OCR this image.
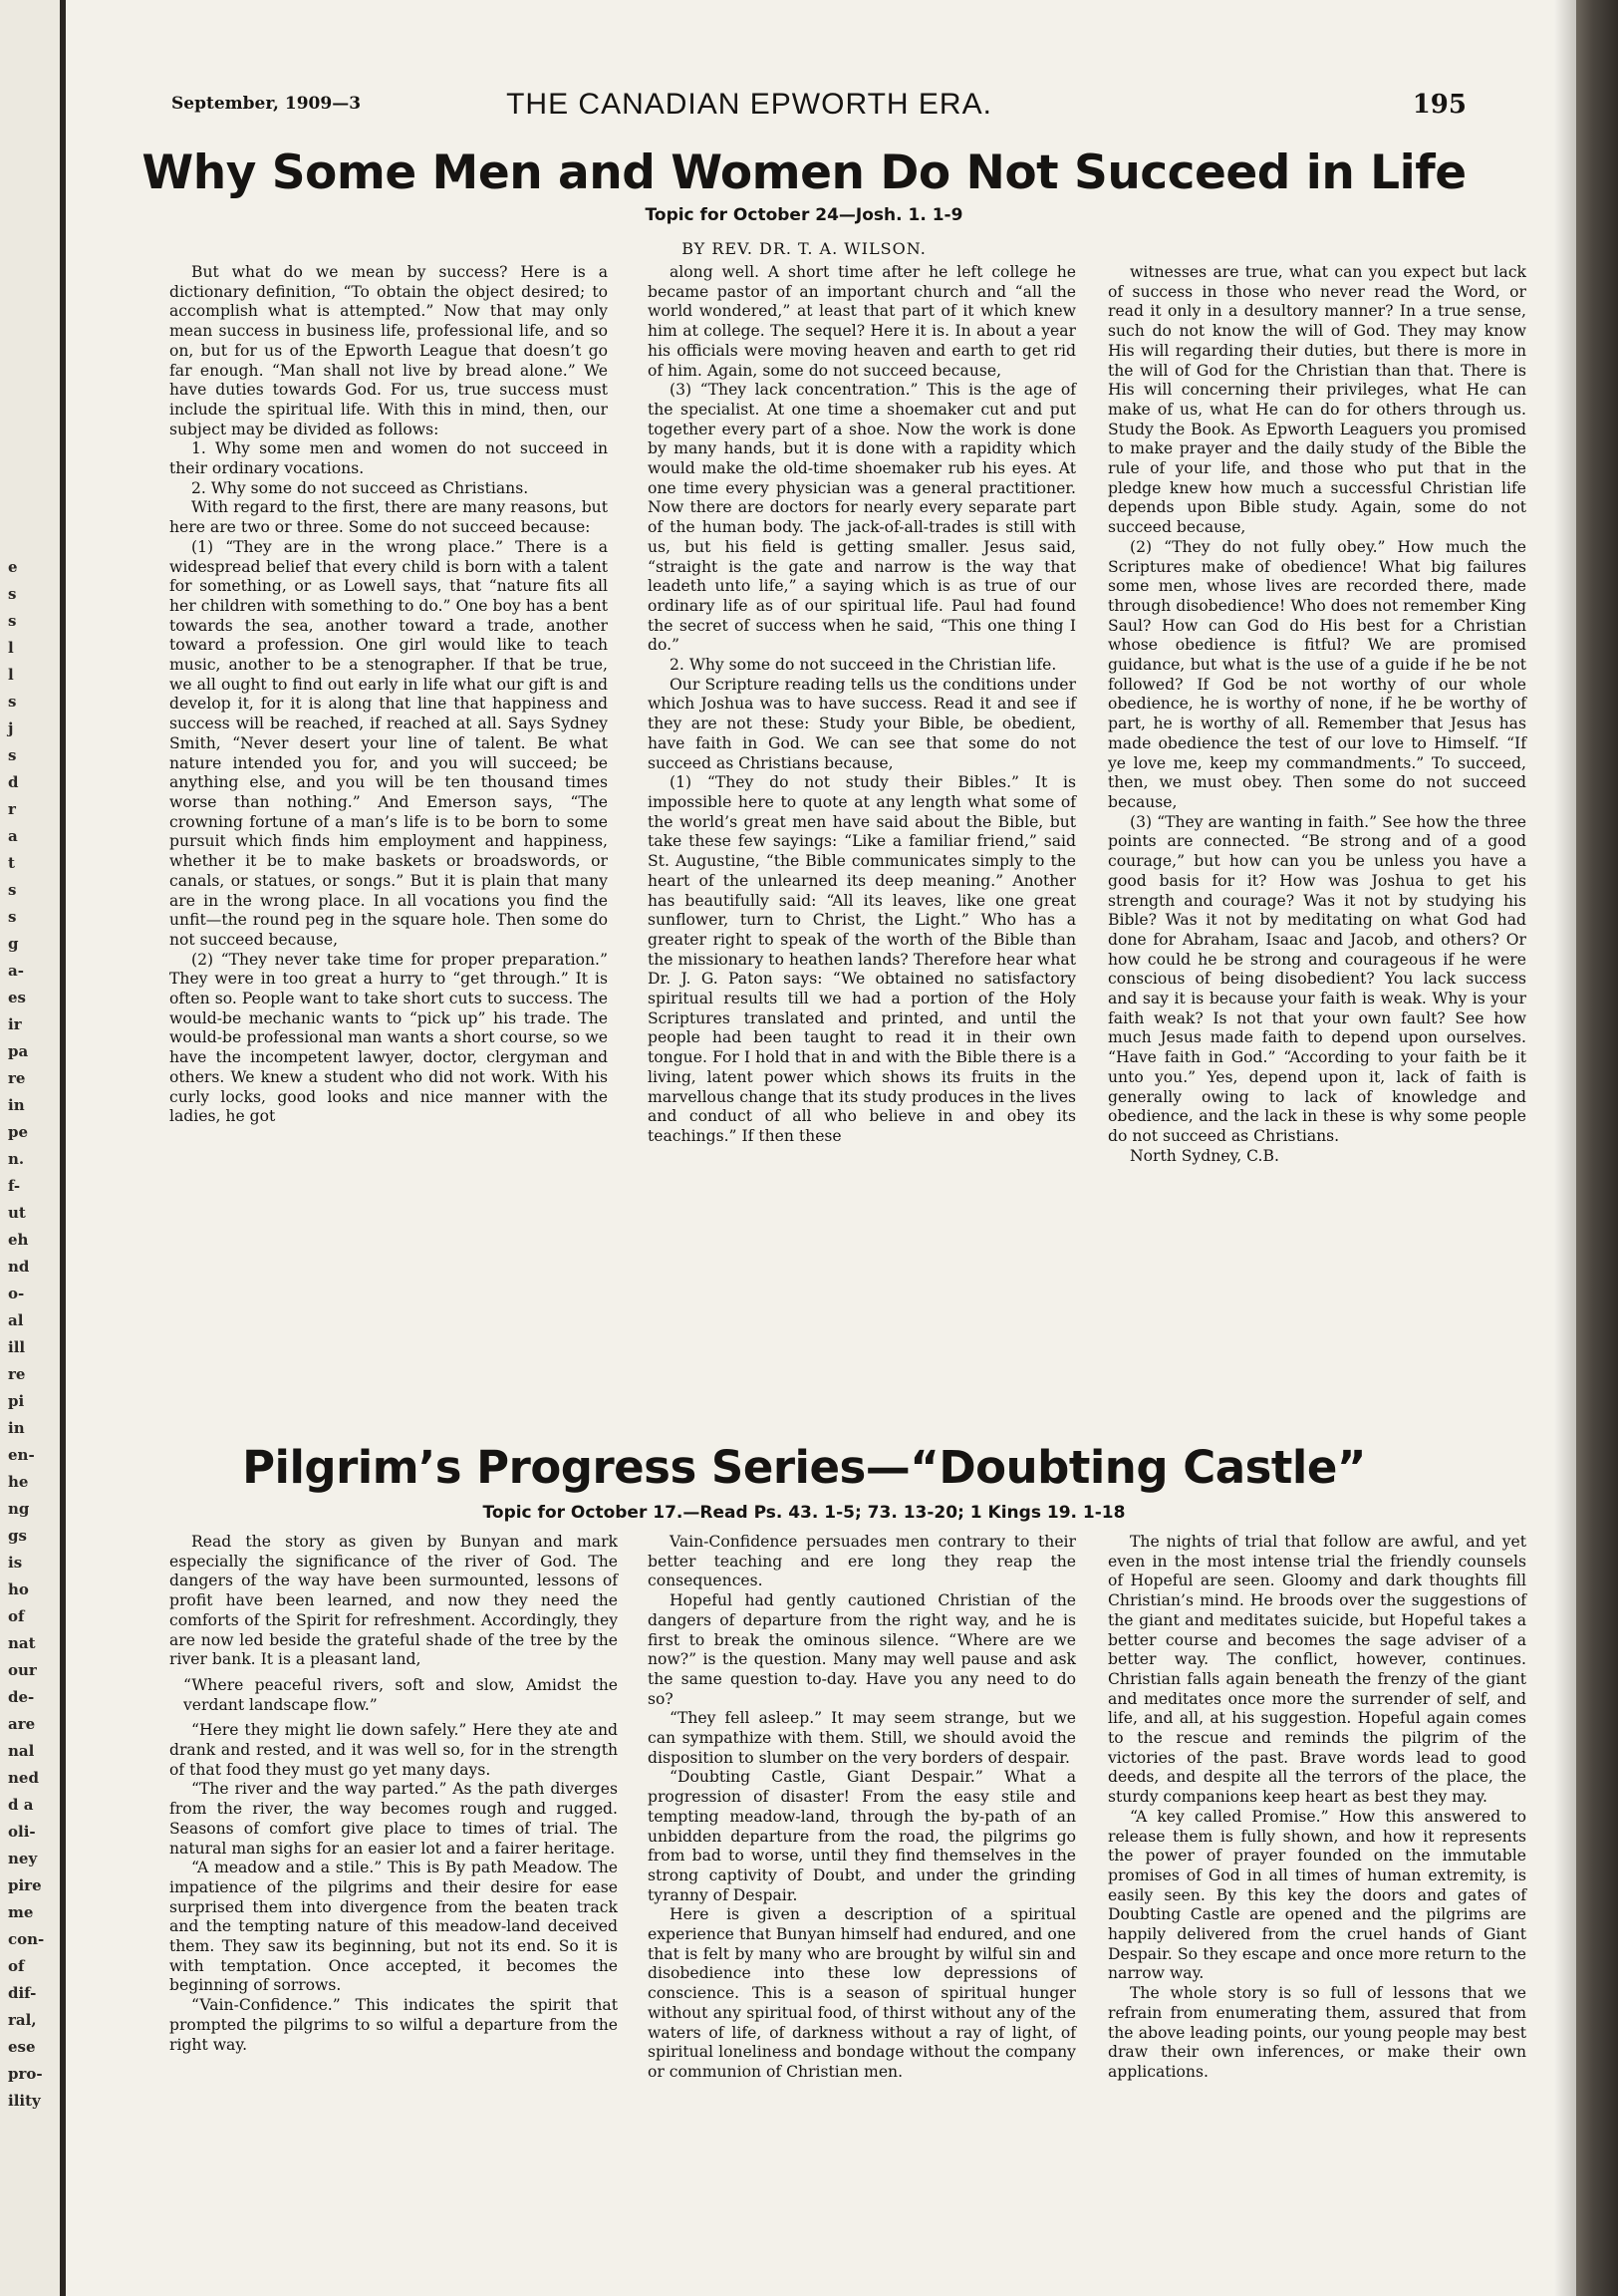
e
s
s
l
l
s
j
s
d
r
a
t
s
s
g
a-
es
ir
pa
re
in
pe
n.
f-
ut
eh
nd
o-
al
ill
re
pi
in
en-
he
ng
gs
is
ho
of
nat
our
de-
are
nal
ned
d a
oli-
ney
pire
me
con-
of
dif-
ral,
ese
pro-
ility
September, 1909—3	THE CANADIAN EPWORTH ERA.	195
Why Some Men and Women Do Not Succeed in Life
Topic for October 24—Josh. 1. 1-9
BY REV. DR. T. A. WILSON.

But what do we mean by success? Here is a dictionary definition, “To obtain the object desired; to accomplish what is attempted.” Now that may only mean success in business life, professional life, and so on, but for us of the Epworth League that doesn’t go far enough. “Man shall not live by bread alone.” We have duties towards God. For us, true success must include the spiritual life. With this in mind, then, our subject may be divided as follows:

1. Why some men and women do not succeed in their ordinary vocations.

2. Why some do not succeed as Christians.

With regard to the first, there are many reasons, but here are two or three. Some do not succeed because:

(1) “They are in the wrong place.” There is a widespread belief that every child is born with a talent for something, or as Lowell says, that “nature fits all her children with something to do.” One boy has a bent towards the sea, another toward a trade, another toward a profession. One girl would like to teach music, another to be a stenographer. If that be true, we all ought to find out early in life what our gift is and develop it, for it is along that line that happiness and success will be reached, if reached at all. Says Sydney Smith, “Never desert your line of talent. Be what nature intended you for, and you will succeed; be anything else, and you will be ten thousand times worse than nothing.” And Emerson says, “The crowning fortune of a man’s life is to be born to some pursuit which finds him employment and happiness, whether it be to make baskets or broadswords, or canals, or statues, or songs.” But it is plain that many are in the wrong place. In all vocations you find the unfit—the round peg in the square hole. Then some do not succeed because,

(2) “They never take time for proper preparation.” They were in too great a hurry to “get through.” It is often so. People want to take short cuts to success. The would-be mechanic wants to “pick up” his trade. The would-be professional man wants a short course, so we have the incompetent lawyer, doctor, clergyman and others. We knew a student who did not work. With his curly locks, good looks and nice manner with the ladies, he got

along well. A short time after he left college he became pastor of an important church and “all the world wondered,” at least that part of it which knew him at college. The sequel? Here it is. In about a year his officials were moving heaven and earth to get rid of him. Again, some do not succeed because,

(3) “They lack concentration.” This is the age of the specialist. At one time a shoemaker cut and put together every part of a shoe. Now the work is done by many hands, but it is done with a rapidity which would make the old-time shoemaker rub his eyes. At one time every physician was a general practitioner. Now there are doctors for nearly every separate part of the human body. The jack-of-all-trades is still with us, but his field is getting smaller. Jesus said, “straight is the gate and narrow is the way that leadeth unto life,” a saying which is as true of our ordinary life as of our spiritual life. Paul had found the secret of success when he said, “This one thing I do.”

2. Why some do not succeed in the Christian life.

Our Scripture reading tells us the conditions under which Joshua was to have success. Read it and see if they are not these: Study your Bible, be obedient, have faith in God. We can see that some do not succeed as Christians because,

(1) “They do not study their Bibles.” It is impossible here to quote at any length what some of the world’s great men have said about the Bible, but take these few sayings: “Like a familiar friend,” said St. Augustine, “the Bible communicates simply to the heart of the unlearned its deep meaning.” Another has beautifully said: “All its leaves, like one great sunflower, turn to Christ, the Light.” Who has a greater right to speak of the worth of the Bible than the missionary to heathen lands? Therefore hear what Dr. J. G. Paton says: “We obtained no satisfactory spiritual results till we had a portion of the Holy Scriptures translated and printed, and until the people had been taught to read it in their own tongue. For I hold that in and with the Bible there is a living, latent power which shows its fruits in the marvellous change that its study produces in the lives and conduct of all who believe in and obey its teachings.” If then these

witnesses are true, what can you expect but lack of success in those who never read the Word, or read it only in a desultory manner? In a true sense, such do not know the will of God. They may know His will regarding their duties, but there is more in the will of God for the Christian than that. There is His will concerning their privileges, what He can make of us, what He can do for others through us. Study the Book. As Epworth Leaguers you promised to make prayer and the daily study of the Bible the rule of your life, and those who put that in the pledge knew how much a successful Christian life depends upon Bible study. Again, some do not succeed because,

(2) “They do not fully obey.” How much the Scriptures make of obedience! What big failures some men, whose lives are recorded there, made through disobedience! Who does not remember King Saul? How can God do His best for a Christian whose obedience is fitful? We are promised guidance, but what is the use of a guide if he be not followed? If God be not worthy of our whole obedience, he is worthy of none, if he be worthy of part, he is worthy of all. Remember that Jesus has made obedience the test of our love to Himself. “If ye love me, keep my commandments.” To succeed, then, we must obey. Then some do not succeed because,

(3) “They are wanting in faith.” See how the three points are connected. “Be strong and of a good courage,” but how can you be unless you have a good basis for it? How was Joshua to get his strength and courage? Was it not by studying his Bible? Was it not by meditating on what God had done for Abraham, Isaac and Jacob, and others? Or how could he be strong and courageous if he were conscious of being disobedient? You lack success and say it is because your faith is weak. Why is your faith weak? Is not that your own fault? See how much Jesus made faith to depend upon ourselves. “Have faith in God.” “According to your faith be it unto you.” Yes, depend upon it, lack of faith is generally owing to lack of knowledge and obedience, and the lack in these is why some people do not succeed as Christians.

North Sydney, C.B.

Pilgrim’s Progress Series—“Doubting Castle”
Topic for October 17.—Read Ps. 43. 1-5; 73. 13-20; 1 Kings 19. 1-18

Read the story as given by Bunyan and mark especially the significance of the river of God. The dangers of the way have been surmounted, lessons of profit have been learned, and now they need the comforts of the Spirit for refreshment. Accordingly, they are now led beside the grateful shade of the tree by the river bank. It is a pleasant land,

“Where peaceful rivers, soft and slow, Amidst the verdant landscape flow.”

“Here they might lie down safely.” Here they ate and drank and rested, and it was well so, for in the strength of that food they must go yet many days.

“The river and the way parted.” As the path diverges from the river, the way becomes rough and rugged. Seasons of comfort give place to times of trial. The natural man sighs for an easier lot and a fairer heritage.

“A meadow and a stile.” This is By path Meadow. The impatience of the pilgrims and their desire for ease surprised them into divergence from the beaten track and the tempting nature of this meadow-land deceived them. They saw its beginning, but not its end. So it is with temptation. Once accepted, it becomes the beginning of sorrows.

“Vain-Confidence.” This indicates the spirit that prompted the pilgrims to so wilful a departure from the right way.

Vain-Confidence persuades men contrary to their better teaching and ere long they reap the consequences.

Hopeful had gently cautioned Christian of the dangers of departure from the right way, and he is first to break the ominous silence. “Where are we now?” is the question. Many may well pause and ask the same question to-day. Have you any need to do so?

“They fell asleep.” It may seem strange, but we can sympathize with them. Still, we should avoid the disposition to slumber on the very borders of despair.

“Doubting Castle, Giant Despair.” What a progression of disaster! From the easy stile and tempting meadow-land, through the by-path of an unbidden departure from the road, the pilgrims go from bad to worse, until they find themselves in the strong captivity of Doubt, and under the grinding tyranny of Despair.

Here is given a description of a spiritual experience that Bunyan himself had endured, and one that is felt by many who are brought by wilful sin and disobedience into these low depressions of conscience. This is a season of spiritual hunger without any spiritual food, of thirst without any of the waters of life, of darkness without a ray of light, of spiritual loneliness and bondage without the company or communion of Christian men.

The nights of trial that follow are awful, and yet even in the most intense trial the friendly counsels of Hopeful are seen. Gloomy and dark thoughts fill Christian’s mind. He broods over the suggestions of the giant and meditates suicide, but Hopeful takes a better course and becomes the sage adviser of a better way. The conflict, however, continues. Christian falls again beneath the frenzy of the giant and meditates once more the surrender of self, and life, and all, at his suggestion. Hopeful again comes to the rescue and reminds the pilgrim of the victories of the past. Brave words lead to good deeds, and despite all the terrors of the place, the sturdy companions keep heart as best they may.

“A key called Promise.” How this answered to release them is fully shown, and how it represents the power of prayer founded on the immutable promises of God in all times of human extremity, is easily seen. By this key the doors and gates of Doubting Castle are opened and the pilgrims are happily delivered from the cruel hands of Giant Despair. So they escape and once more return to the narrow way.

The whole story is so full of lessons that we refrain from enumerating them, assured that from the above leading points, our young people may best draw their own inferences, or make their own applications.
